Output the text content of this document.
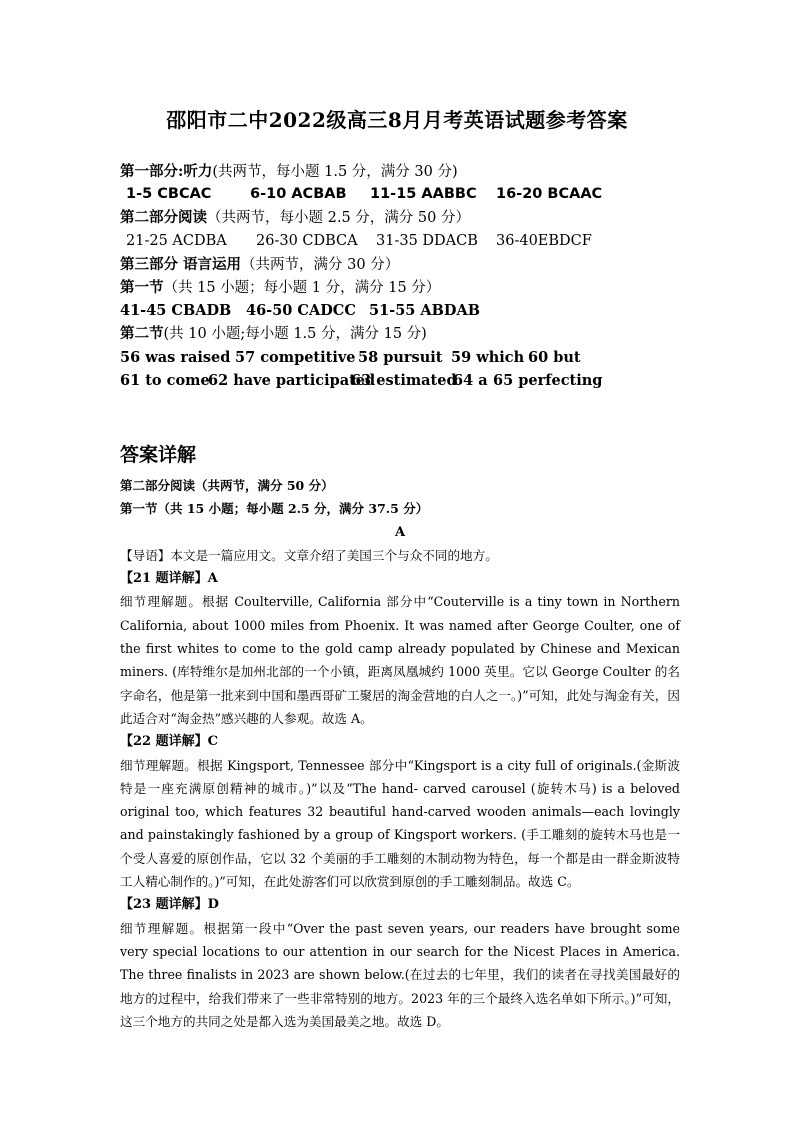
邵阳市二中2022级高三8月月考英语试题参考答案
第一部分:听力(共两节，每小题 1.5 分，满分 30 分)
1-5 CBCAC	6-10 ACBAB	11-15 AABBC	16-20 BCAAC
第二部分阅读（共两节，每小题 2.5 分，满分 50 分）
21-25 ACDBA	26-30 CDBCA	31-35 DDACB	36-40EBDCF
第三部分 语言运用（共两节，满分 30 分）
第一节（共 15 小题；每小题 1 分，满分 15 分）
41-45 CBADB	46-50 CADCC 51-55 ABDAB
第二节(共 10 小题;每小题 1.5 分，满分 15 分)
56 was raised 57 competitive 58 pursuit 59 which 60 but
61 to come
62 have participated
63 estimated
64 a 65 perfecting
答案详解
第二部分阅读（共两节，满分 50 分）
第一节（共 15 小题；每小题 2.5 分，满分 37.5 分）
A
【导语】本文是一篇应用文。文章介绍了美国三个与众不同的地方。
【21 题详解】A
细节理解题。根据 Coulterville, California 部分中“Couterville is a tiny town in Northern California, about 1000 miles from Phoenix. It was named after George Coulter, one of the first whites to come to the gold camp already populated by Chinese and Mexican miners. (库特维尔是加州北部的一个小镇，距离凤凰城约 1000 英里。它以 George Coulter 的名字命名，他是第一批来到中国和墨西哥矿工聚居的淘金营地的白人之一。)”可知，此处与淘金有关，因此适合对“淘金热”感兴趣的人参观。故选 A。
【22 题详解】C
细节理解题。根据 Kingsport, Tennessee 部分中“Kingsport is a city full of originals.(金斯波特是一座充满原创精神的城市。)”以及“The hand- carved carousel (旋转木马) is a beloved original too, which features 32 beautiful hand-carved wooden animals—each lovingly and painstakingly fashioned by a group of Kingsport workers. (手工雕刻的旋转木马也是一个受人喜爱的原创作品，它以 32 个美丽的手工雕刻的木制动物为特色，每一个都是由一群金斯波特工人精心制作的。)”可知，在此处游客们可以欣赏到原创的手工雕刻制品。故选 C。
【23 题详解】D
细节理解题。根据第一段中“Over the past seven years, our readers have brought some very special locations to our attention in our search for the Nicest Places in America. The three finalists in 2023 are shown below.(在过去的七年里，我们的读者在寻找美国最好的地方的过程中，给我们带来了一些非常特别的地方。2023 年的三个最终入选名单如下所示。)”可知，这三个地方的共同之处是都入选为美国最美之地。故选 D。
